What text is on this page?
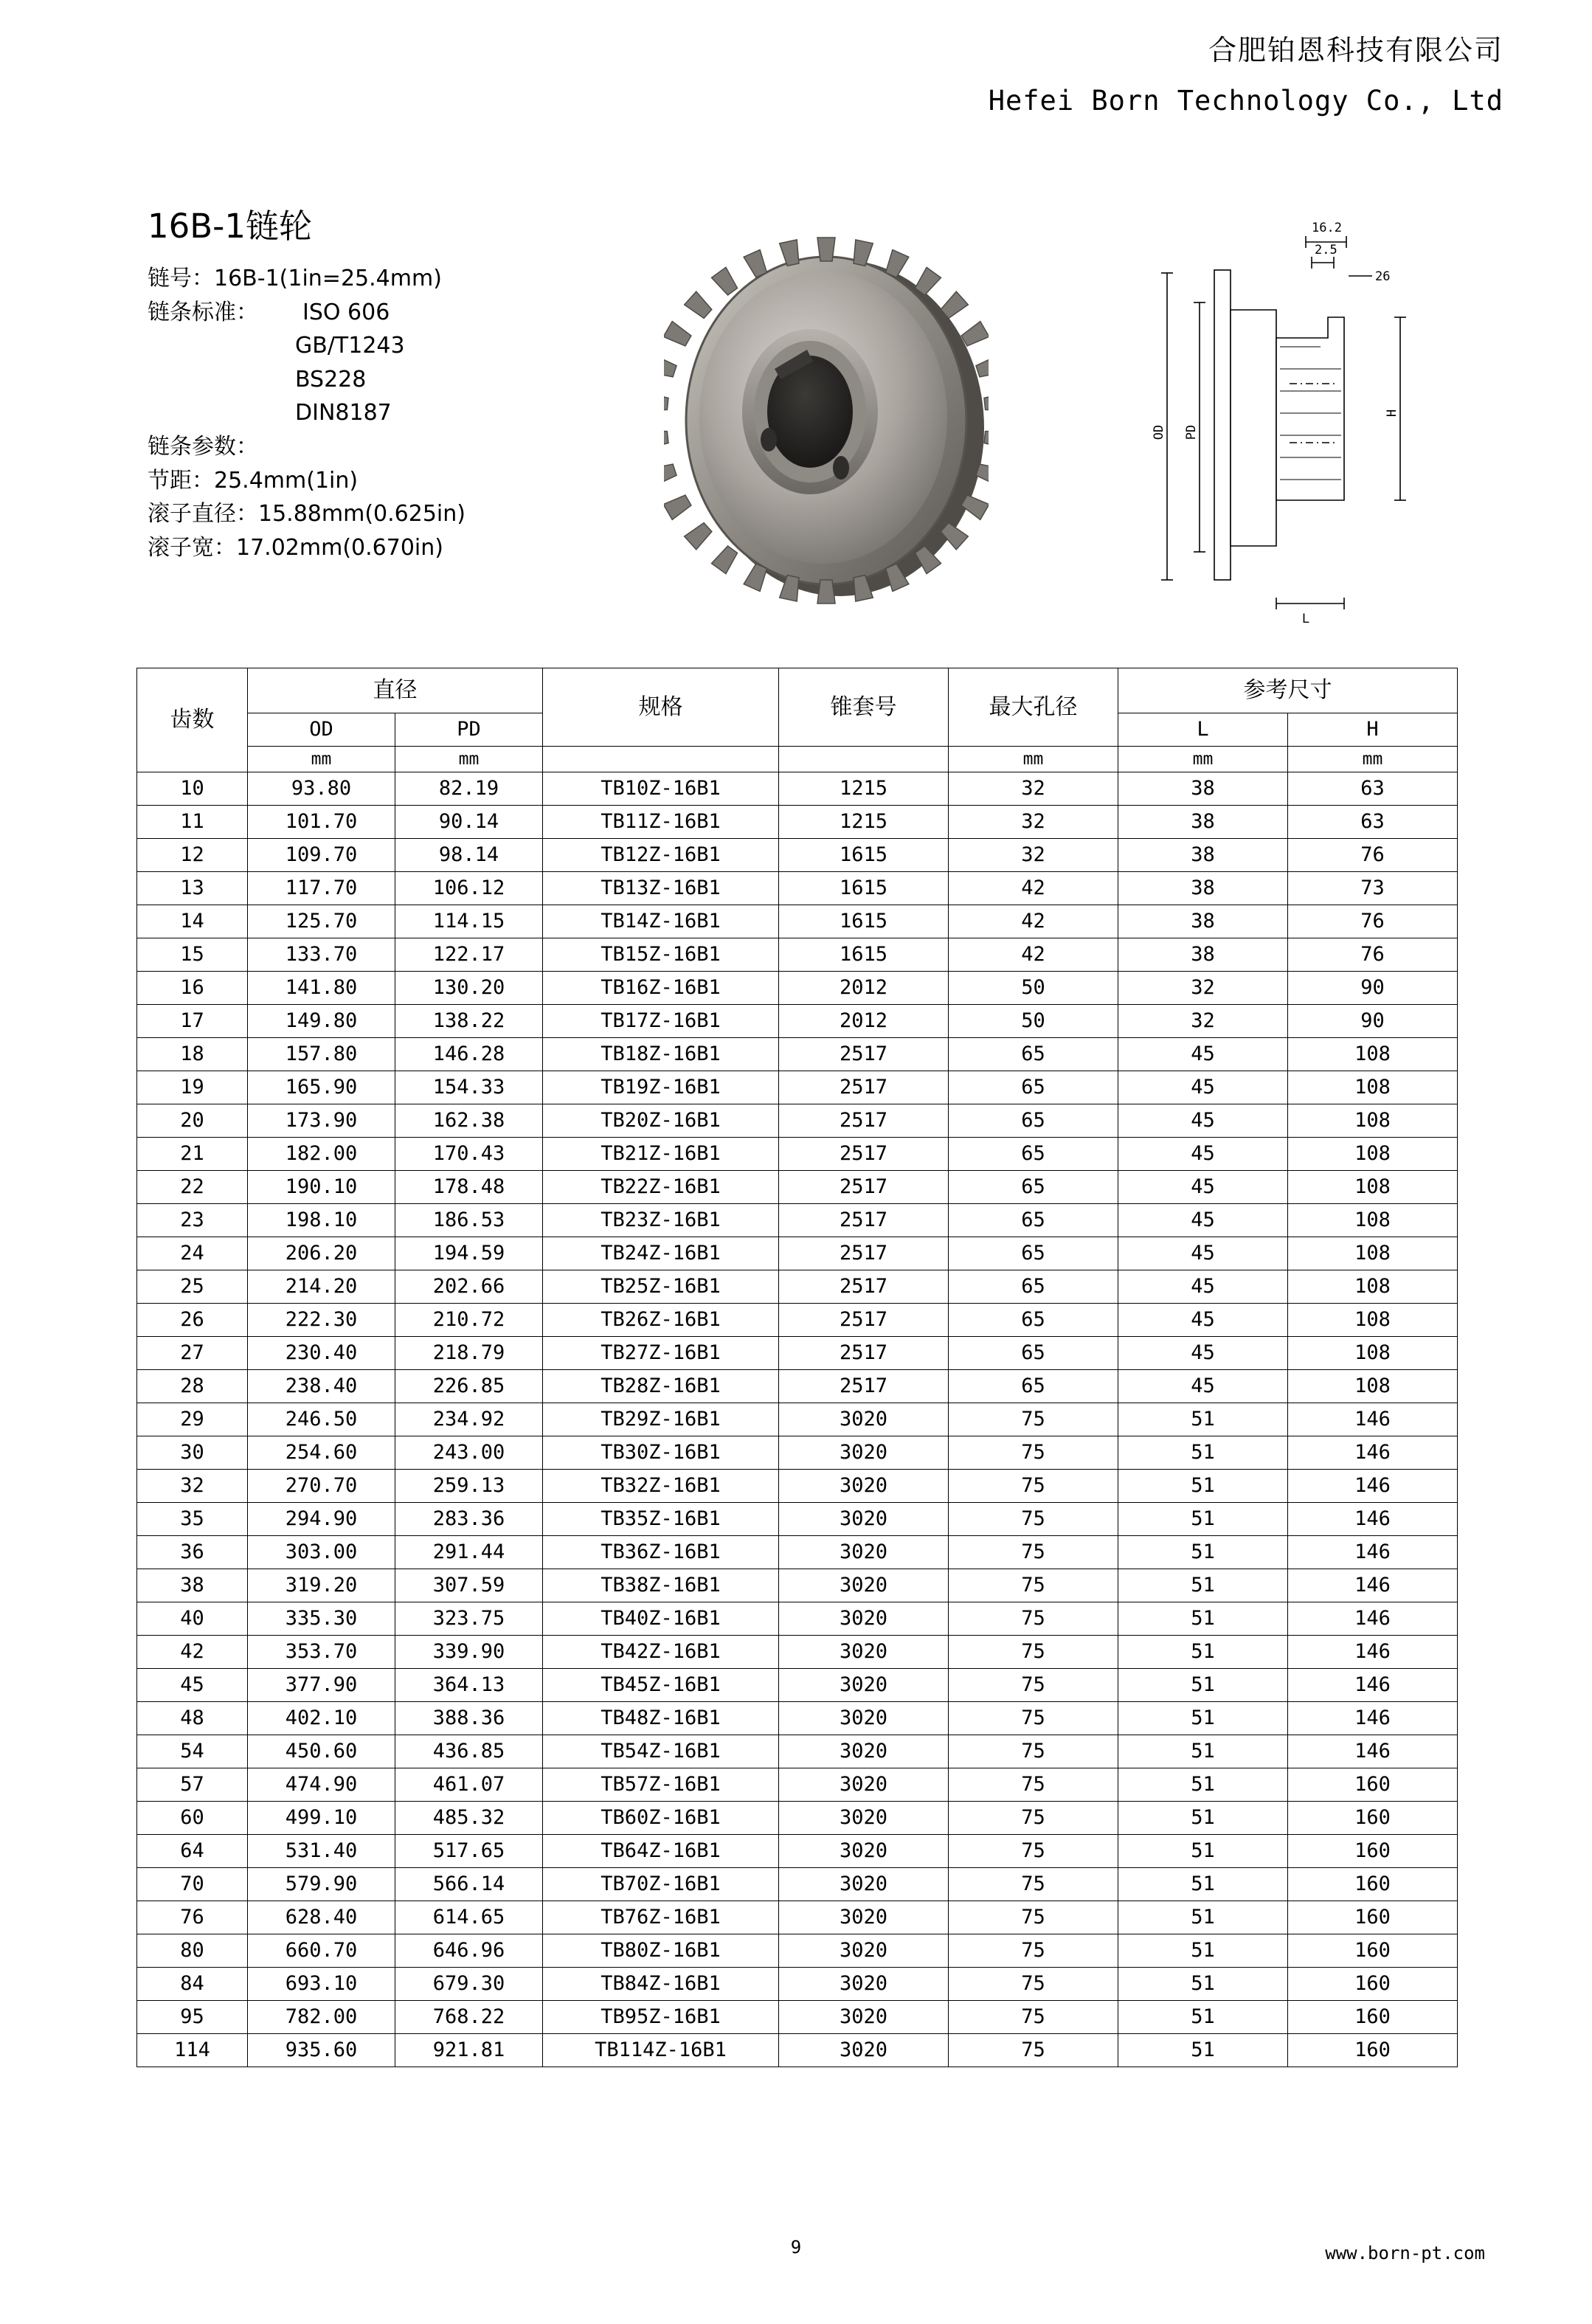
合肥铂恩科技有限公司
Hefei Born Technology Co., Ltd
16B-1链轮
链号：16B-1(1in=25.4mm)
链条标准： ISO 606
GB/T1243
BS228
DIN8187
链条参数：
节距：25.4mm(1in)
滚子直径：15.88mm(0.625in)
滚子宽：17.02mm(0.670in)
16.2
2.5
26
OD PD
H
L
齿数	直径		规格	锥套号	最大孔径	参考尺寸	
	OD	PD				L	H
	mm	mm			mm	mm	mm
10	93.80	82.19	TB10Z-16B1	1215	32	38	63
11	101.70	90.14	TB11Z-16B1	1215	32	38	63
12	109.70	98.14	TB12Z-16B1	1615	32	38	76
13	117.70	106.12	TB13Z-16B1	1615	42	38	73
14	125.70	114.15	TB14Z-16B1	1615	42	38	76
15	133.70	122.17	TB15Z-16B1	1615	42	38	76
16	141.80	130.20	TB16Z-16B1	2012	50	32	90
17	149.80	138.22	TB17Z-16B1	2012	50	32	90
18	157.80	146.28	TB18Z-16B1	2517	65	45	108
19	165.90	154.33	TB19Z-16B1	2517	65	45	108
20	173.90	162.38	TB20Z-16B1	2517	65	45	108
21	182.00	170.43	TB21Z-16B1	2517	65	45	108
22	190.10	178.48	TB22Z-16B1	2517	65	45	108
23	198.10	186.53	TB23Z-16B1	2517	65	45	108
24	206.20	194.59	TB24Z-16B1	2517	65	45	108
25	214.20	202.66	TB25Z-16B1	2517	65	45	108
26	222.30	210.72	TB26Z-16B1	2517	65	45	108
27	230.40	218.79	TB27Z-16B1	2517	65	45	108
28	238.40	226.85	TB28Z-16B1	2517	65	45	108
29	246.50	234.92	TB29Z-16B1	3020	75	51	146
30	254.60	243.00	TB30Z-16B1	3020	75	51	146
32	270.70	259.13	TB32Z-16B1	3020	75	51	146
35	294.90	283.36	TB35Z-16B1	3020	75	51	146
36	303.00	291.44	TB36Z-16B1	3020	75	51	146
38	319.20	307.59	TB38Z-16B1	3020	75	51	146
40	335.30	323.75	TB40Z-16B1	3020	75	51	146
42	353.70	339.90	TB42Z-16B1	3020	75	51	146
45	377.90	364.13	TB45Z-16B1	3020	75	51	146
48	402.10	388.36	TB48Z-16B1	3020	75	51	146
54	450.60	436.85	TB54Z-16B1	3020	75	51	146
57	474.90	461.07	TB57Z-16B1	3020	75	51	160
60	499.10	485.32	TB60Z-16B1	3020	75	51	160
64	531.40	517.65	TB64Z-16B1	3020	75	51	160
70	579.90	566.14	TB70Z-16B1	3020	75	51	160
76	628.40	614.65	TB76Z-16B1	3020	75	51	160
80	660.70	646.96	TB80Z-16B1	3020	75	51	160
84	693.10	679.30	TB84Z-16B1	3020	75	51	160
95	782.00	768.22	TB95Z-16B1	3020	75	51	160
114	935.60	921.81	TB114Z-16B1	3020	75	51	160
9	www.born-pt.com
